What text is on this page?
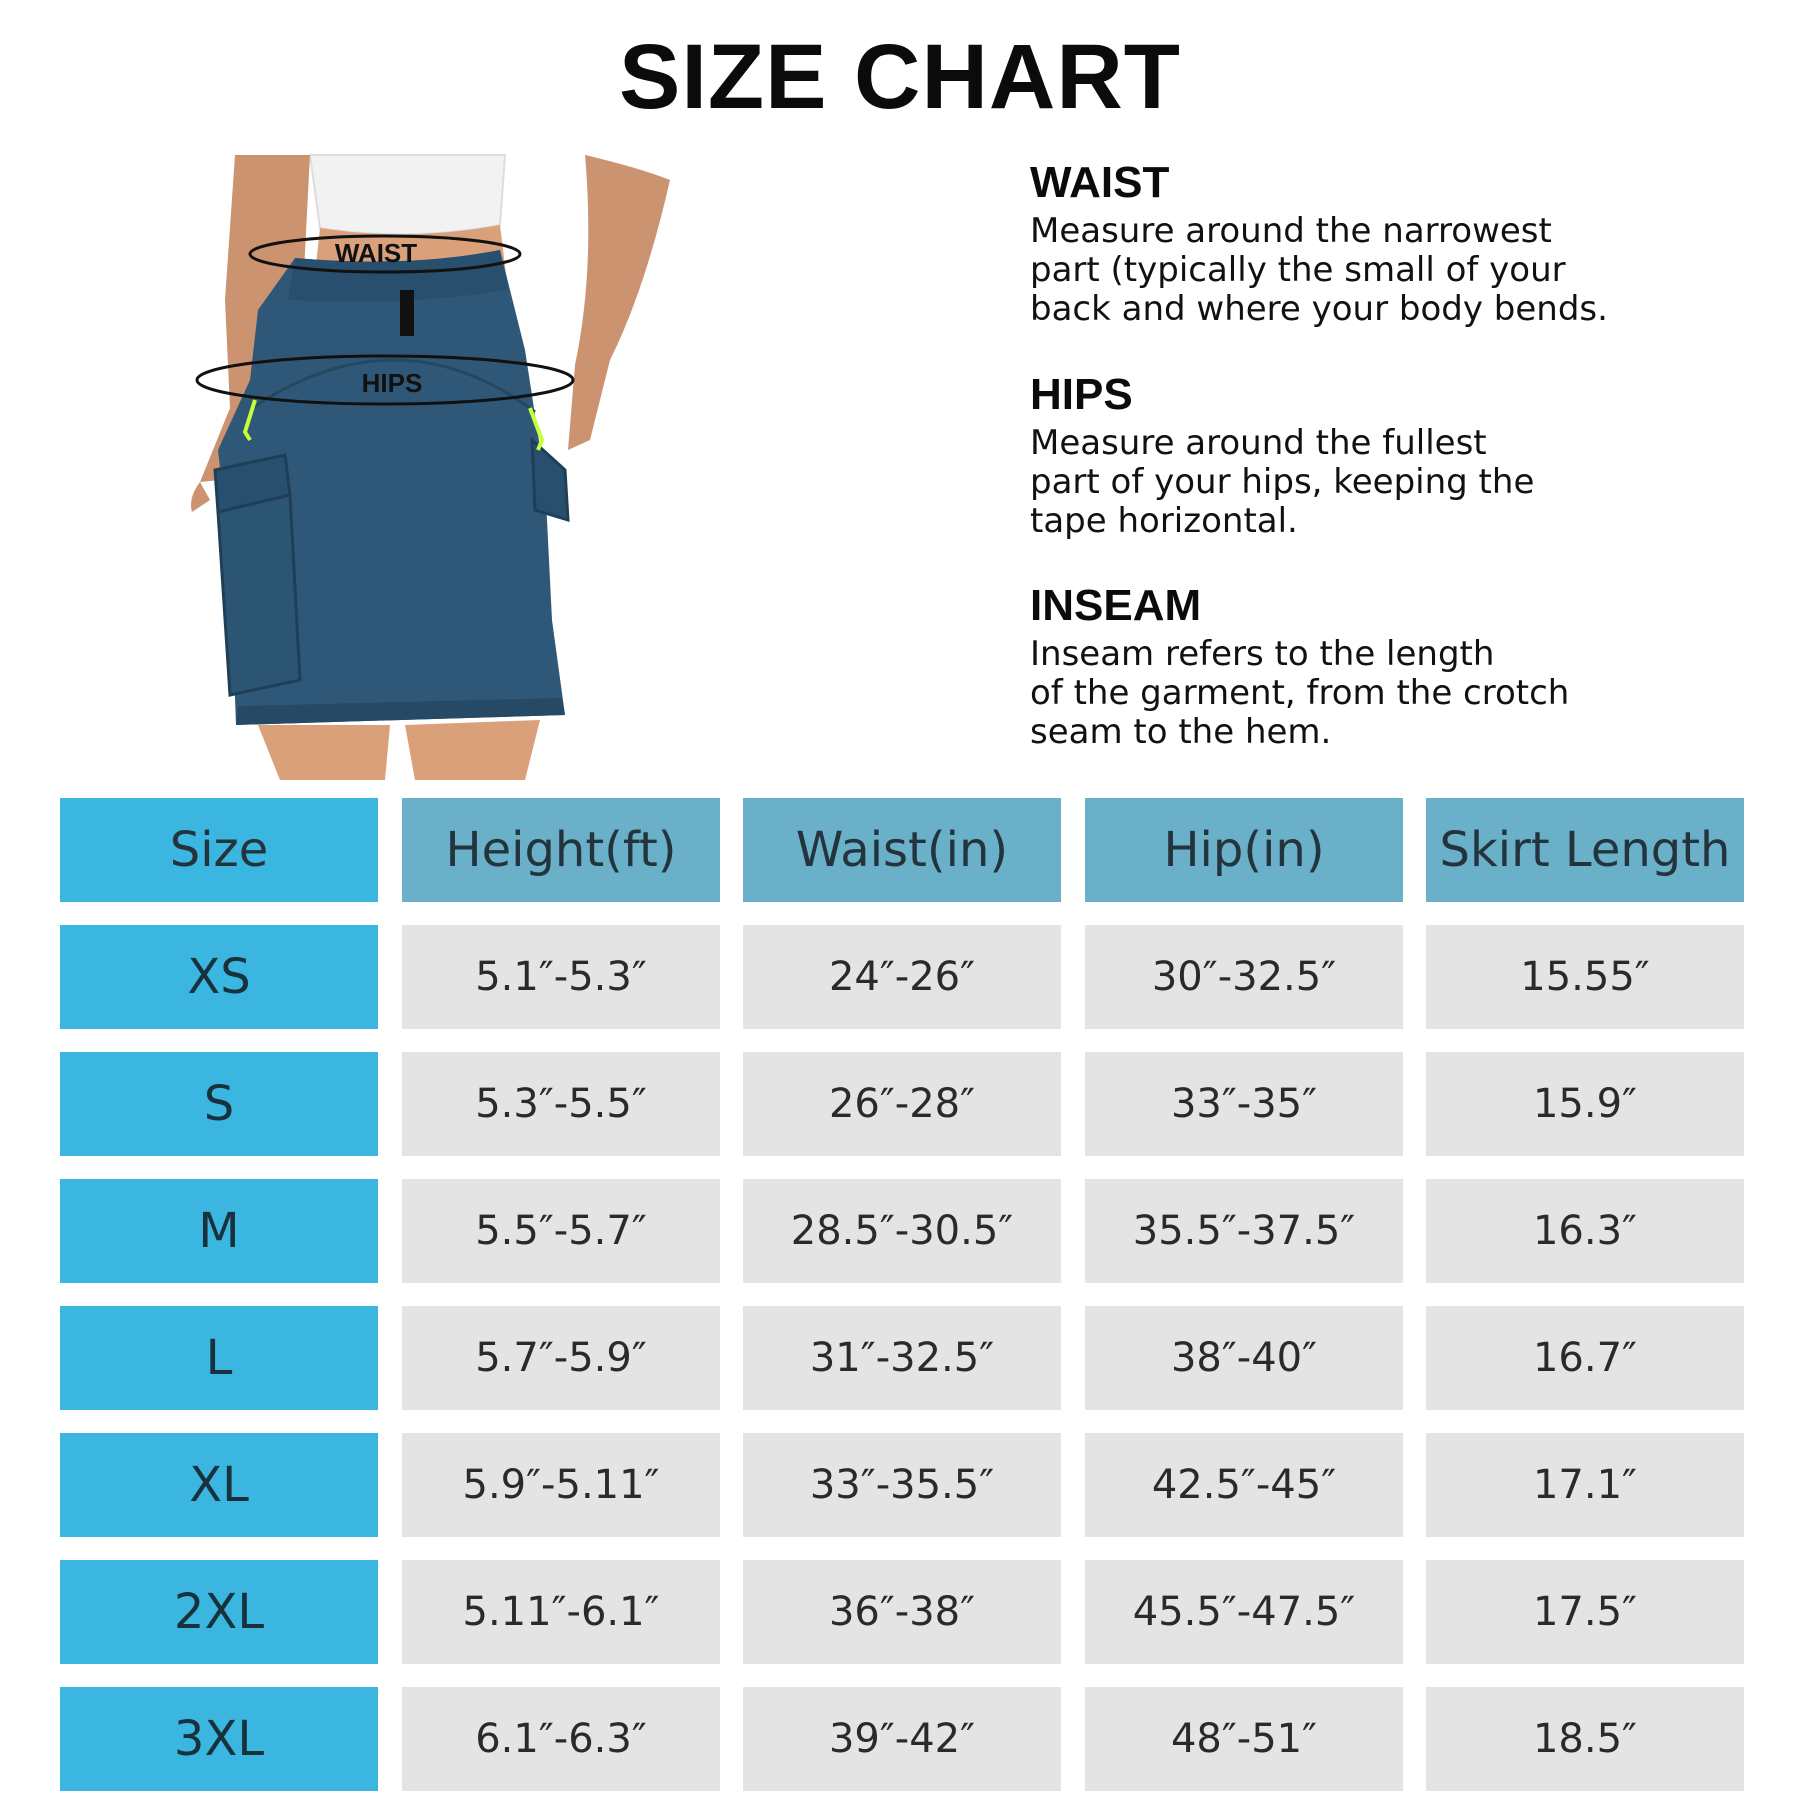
SIZE CHART
WAIST
HIPS
WAIST
Measure around the narrowest
part (typically the small of your
back and where your body bends.
HIPS
Measure around the fullest
part of your hips, keeping the
tape horizontal.
INSEAM
Inseam refers to the length
of the garment, from the crotch
seam to the hem.
Size	Height(ft)	Waist(in)	Hip(in)	Skirt Length
XS	5.1″-5.3″	24″-26″	30″-32.5″	15.55″
S	5.3″-5.5″	26″-28″	33″-35″	15.9″
M	5.5″-5.7″	28.5″-30.5″	35.5″-37.5″	16.3″
L	5.7″-5.9″	31″-32.5″	38″-40″	16.7″
XL	5.9″-5.11″	33″-35.5″	42.5″-45″	17.1″
2XL	5.11″-6.1″	36″-38″	45.5″-47.5″	17.5″
3XL	6.1″-6.3″	39″-42″	48″-51″	18.5″
